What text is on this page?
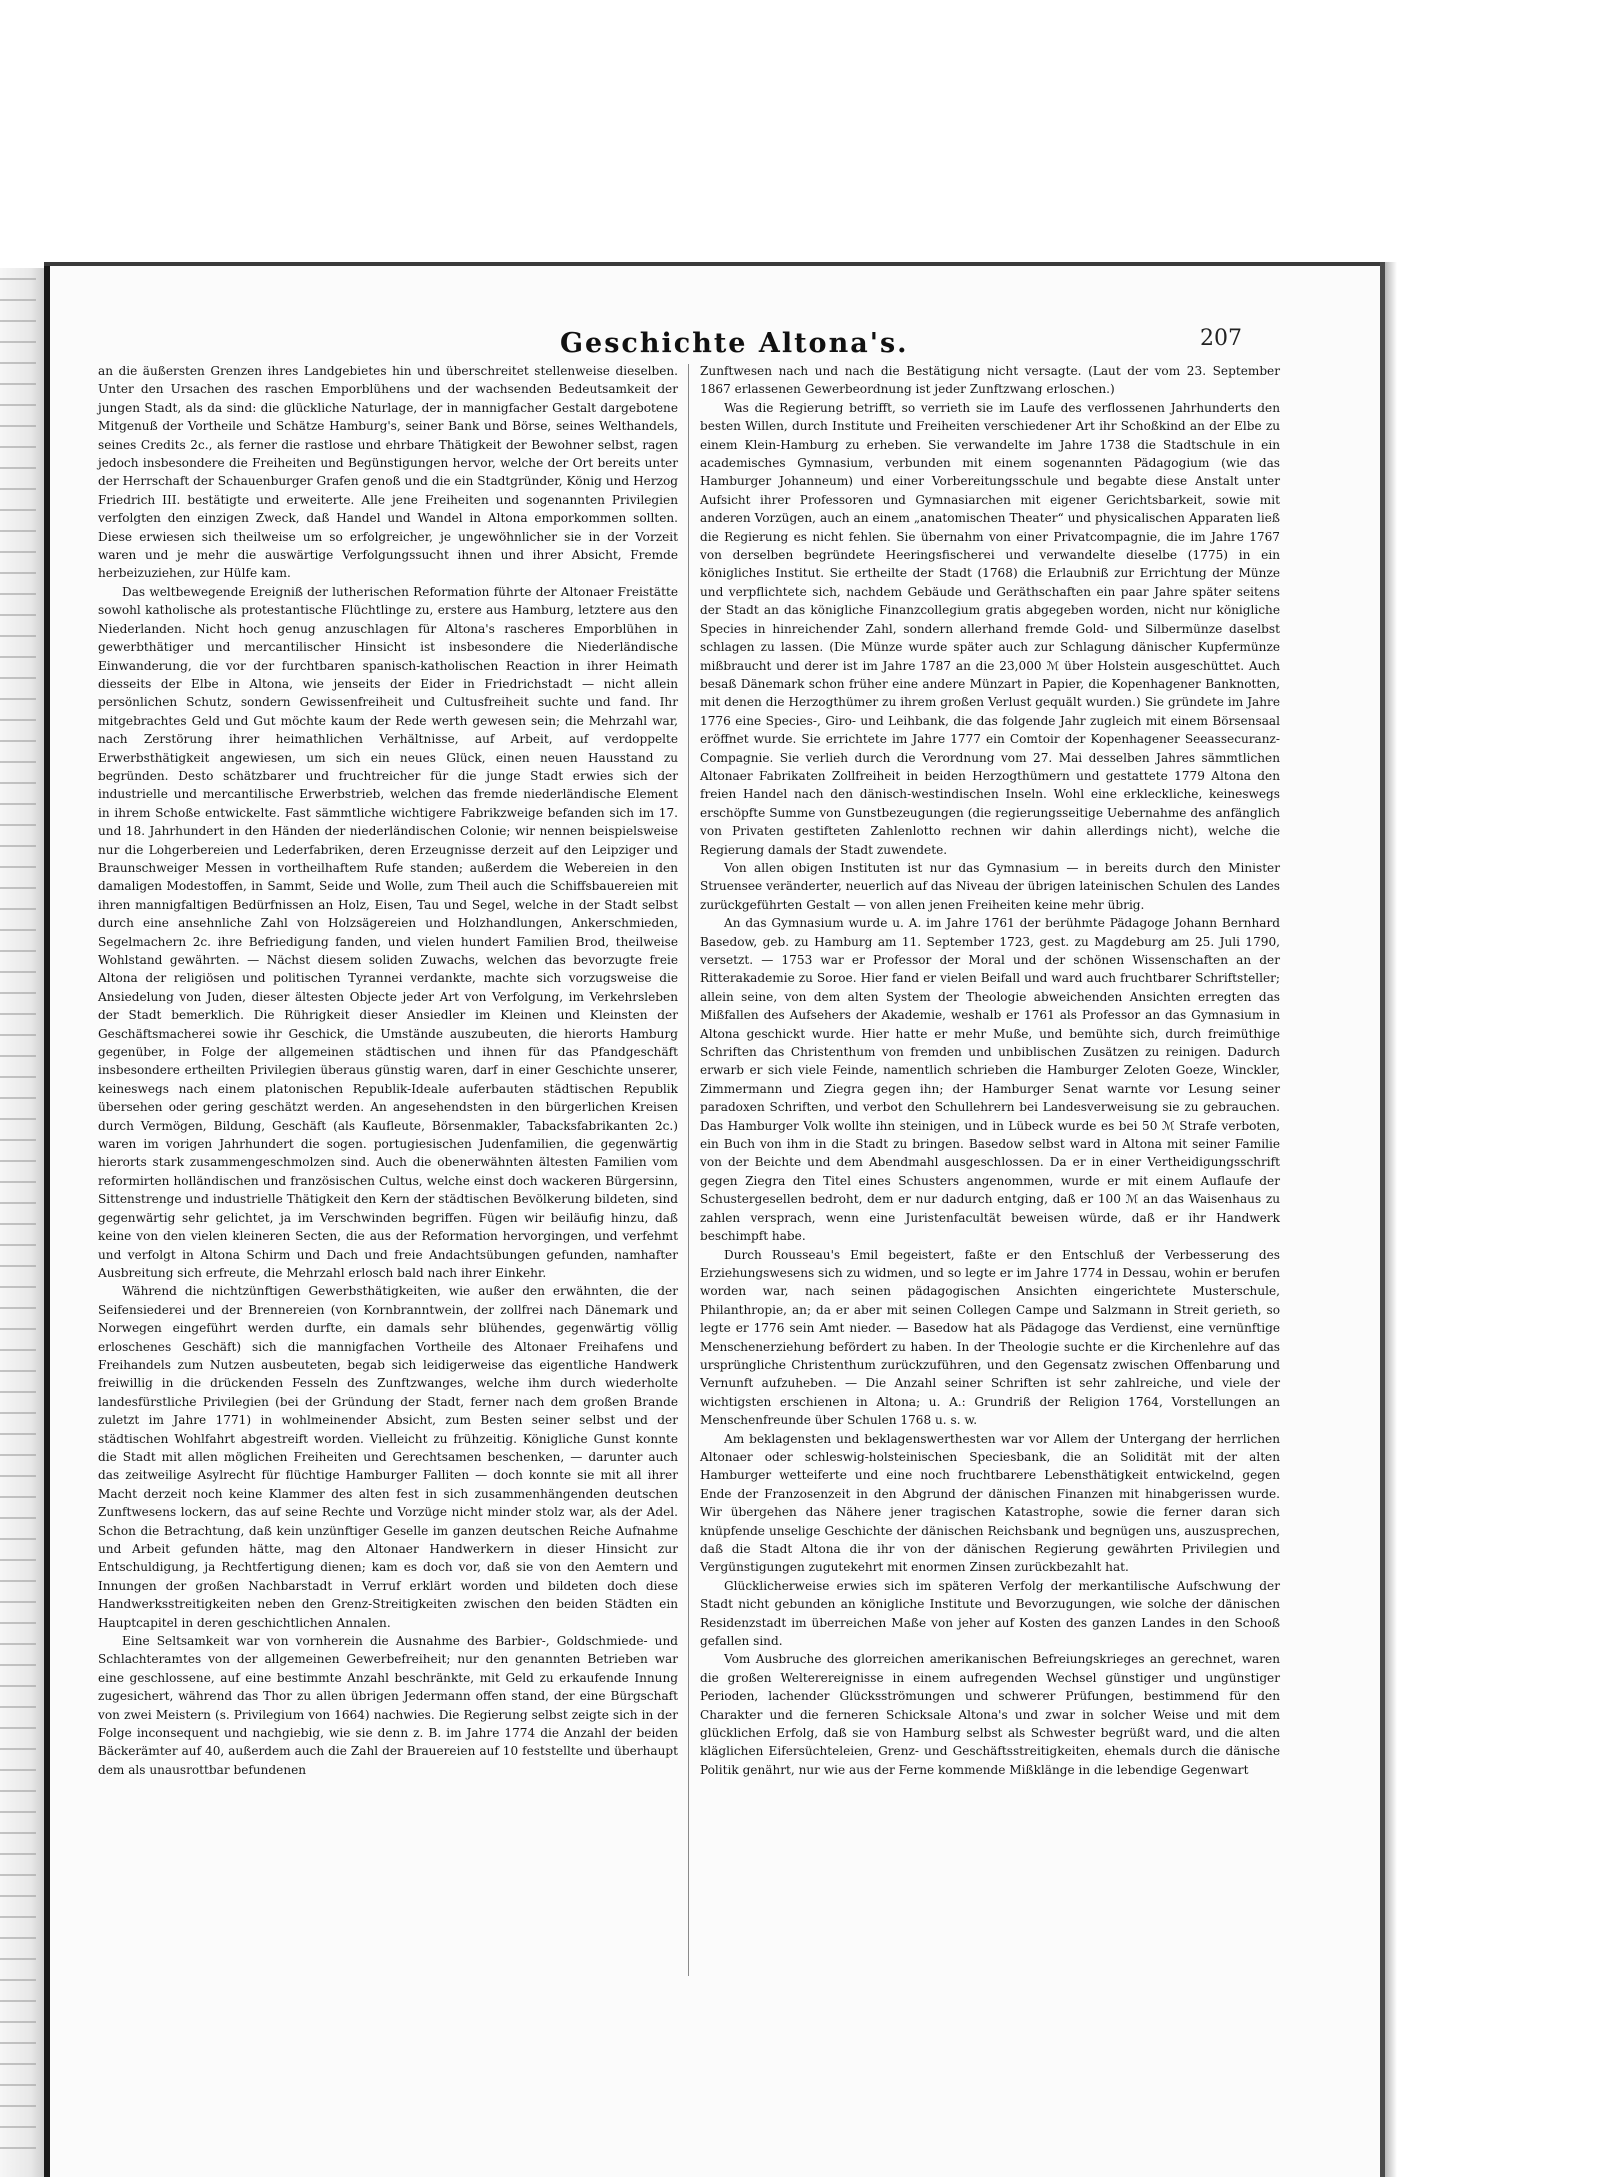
Geschichte Altona's.	207

an die äußersten Grenzen ihres Landgebietes hin und überschreitet stellenweise dieselben. Unter den Ursachen des raschen Emporblühens und der wachsenden Bedeutsamkeit der jungen Stadt, als da sind: die glückliche Naturlage, der in mannigfacher Gestalt dargebotene Mitgenuß der Vortheile und Schätze Hamburg's, seiner Bank und Börse, seines Welthandels, seines Credits 2c., als ferner die rastlose und ehrbare Thätigkeit der Bewohner selbst, ragen jedoch insbesondere die Freiheiten und Begünstigungen hervor, welche der Ort bereits unter der Herrschaft der Schauenburger Grafen genoß und die ein Stadtgründer, König und Herzog Friedrich III. bestätigte und erweiterte. Alle jene Freiheiten und sogenannten Privilegien verfolgten den einzigen Zweck, daß Handel und Wandel in Altona emporkommen sollten. Diese erwiesen sich theilweise um so erfolgreicher, je ungewöhnlicher sie in der Vorzeit waren und je mehr die auswärtige Verfolgungssucht ihnen und ihrer Absicht, Fremde herbeizuziehen, zur Hülfe kam.

Das weltbewegende Ereigniß der lutherischen Reformation führte der Altonaer Freistätte sowohl katholische als protestantische Flüchtlinge zu, erstere aus Hamburg, letztere aus den Niederlanden. Nicht hoch genug anzuschlagen für Altona's rascheres Emporblühen in gewerbthätiger und mercantilischer Hinsicht ist insbesondere die Niederländische Einwanderung, die vor der furchtbaren spanisch-katholischen Reaction in ihrer Heimath diesseits der Elbe in Altona, wie jenseits der Eider in Friedrichstadt — nicht allein persönlichen Schutz, sondern Gewissenfreiheit und Cultusfreiheit suchte und fand. Ihr mitgebrachtes Geld und Gut möchte kaum der Rede werth gewesen sein; die Mehrzahl war, nach Zerstörung ihrer heimathlichen Verhältnisse, auf Arbeit, auf verdoppelte Erwerbsthätigkeit angewiesen, um sich ein neues Glück, einen neuen Hausstand zu begründen. Desto schätzbarer und fruchtreicher für die junge Stadt erwies sich der industrielle und mercantilische Erwerbstrieb, welchen das fremde niederländische Element in ihrem Schoße entwickelte. Fast sämmtliche wichtigere Fabrikzweige befanden sich im 17. und 18. Jahrhundert in den Händen der niederländischen Colonie; wir nennen beispielsweise nur die Lohgerbereien und Lederfabriken, deren Erzeugnisse derzeit auf den Leipziger und Braunschweiger Messen in vortheilhaftem Rufe standen; außerdem die Webereien in den damaligen Modestoffen, in Sammt, Seide und Wolle, zum Theil auch die Schiffsbauereien mit ihren mannigfaltigen Bedürfnissen an Holz, Eisen, Tau und Segel, welche in der Stadt selbst durch eine ansehnliche Zahl von Holzsägereien und Holzhandlungen, Ankerschmieden, Segelmachern 2c. ihre Befriedigung fanden, und vielen hundert Familien Brod, theilweise Wohlstand gewährten. — Nächst diesem soliden Zuwachs, welchen das bevorzugte freie Altona der religiösen und politischen Tyrannei verdankte, machte sich vorzugsweise die Ansiedelung von Juden, dieser ältesten Objecte jeder Art von Verfolgung, im Verkehrsleben der Stadt bemerklich. Die Rührigkeit dieser Ansiedler im Kleinen und Kleinsten der Geschäftsmacherei sowie ihr Geschick, die Umstände auszubeuten, die hierorts Hamburg gegenüber, in Folge der allgemeinen städtischen und ihnen für das Pfandgeschäft insbesondere ertheilten Privilegien überaus günstig waren, darf in einer Geschichte unserer, keineswegs nach einem platonischen Republik-Ideale auferbauten städtischen Republik übersehen oder gering geschätzt werden. An angesehendsten in den bürgerlichen Kreisen durch Vermögen, Bildung, Geschäft (als Kaufleute, Börsenmakler, Tabacksfabrikanten 2c.) waren im vorigen Jahrhundert die sogen. portugiesischen Judenfamilien, die gegenwärtig hierorts stark zusammengeschmolzen sind. Auch die obenerwähnten ältesten Familien vom reformirten holländischen und französischen Cultus, welche einst doch wackeren Bürgersinn, Sittenstrenge und industrielle Thätigkeit den Kern der städtischen Bevölkerung bildeten, sind gegenwärtig sehr gelichtet, ja im Verschwinden begriffen. Fügen wir beiläufig hinzu, daß keine von den vielen kleineren Secten, die aus der Reformation hervorgingen, und verfehmt und verfolgt in Altona Schirm und Dach und freie Andachtsübungen gefunden, namhafter Ausbreitung sich erfreute, die Mehrzahl erlosch bald nach ihrer Einkehr.

Während die nichtzünftigen Gewerbsthätigkeiten, wie außer den erwähnten, die der Seifensiederei und der Brennereien (von Kornbranntwein, der zollfrei nach Dänemark und Norwegen eingeführt werden durfte, ein damals sehr blühendes, gegenwärtig völlig erloschenes Geschäft) sich die mannigfachen Vortheile des Altonaer Freihafens und Freihandels zum Nutzen ausbeuteten, begab sich leidigerweise das eigentliche Handwerk freiwillig in die drückenden Fesseln des Zunftzwanges, welche ihm durch wiederholte landesfürstliche Privilegien (bei der Gründung der Stadt, ferner nach dem großen Brande zuletzt im Jahre 1771) in wohlmeinender Absicht, zum Besten seiner selbst und der städtischen Wohlfahrt abgestreift worden. Vielleicht zu frühzeitig. Königliche Gunst konnte die Stadt mit allen möglichen Freiheiten und Gerechtsamen beschenken, — darunter auch das zeitweilige Asylrecht für flüchtige Hamburger Falliten — doch konnte sie mit all ihrer Macht derzeit noch keine Klammer des alten fest in sich zusammenhängenden deutschen Zunftwesens lockern, das auf seine Rechte und Vorzüge nicht minder stolz war, als der Adel. Schon die Betrachtung, daß kein unzünftiger Geselle im ganzen deutschen Reiche Aufnahme und Arbeit gefunden hätte, mag den Altonaer Handwerkern in dieser Hinsicht zur Entschuldigung, ja Rechtfertigung dienen; kam es doch vor, daß sie von den Aemtern und Innungen der großen Nachbarstadt in Verruf erklärt worden und bildeten doch diese Handwerksstreitigkeiten neben den Grenz-Streitigkeiten zwischen den beiden Städten ein Hauptcapitel in deren geschichtlichen Annalen.

Eine Seltsamkeit war von vornherein die Ausnahme des Barbier-, Goldschmiede- und Schlachteramtes von der allgemeinen Gewerbefreiheit; nur den genannten Betrieben war eine geschlossene, auf eine bestimmte Anzahl beschränkte, mit Geld zu erkaufende Innung zugesichert, während das Thor zu allen übrigen Jedermann offen stand, der eine Bürgschaft von zwei Meistern (s. Privilegium von 1664) nachwies. Die Regierung selbst zeigte sich in der Folge inconsequent und nachgiebig, wie sie denn z. B. im Jahre 1774 die Anzahl der beiden Bäckerämter auf 40, außerdem auch die Zahl der Brauereien auf 10 feststellte und überhaupt dem als unausrottbar befundenen

Zunftwesen nach und nach die Bestätigung nicht versagte. (Laut der vom 23. September 1867 erlassenen Gewerbeordnung ist jeder Zunftzwang erloschen.)

Was die Regierung betrifft, so verrieth sie im Laufe des verflossenen Jahrhunderts den besten Willen, durch Institute und Freiheiten verschiedener Art ihr Schoßkind an der Elbe zu einem Klein-Hamburg zu erheben. Sie verwandelte im Jahre 1738 die Stadtschule in ein academisches Gymnasium, verbunden mit einem sogenannten Pädagogium (wie das Hamburger Johanneum) und einer Vorbereitungsschule und begabte diese Anstalt unter Aufsicht ihrer Professoren und Gymnasiarchen mit eigener Gerichtsbarkeit, sowie mit anderen Vorzügen, auch an einem „anatomischen Theater“ und physicalischen Apparaten ließ die Regierung es nicht fehlen. Sie übernahm von einer Privatcompagnie, die im Jahre 1767 von derselben begründete Heeringsfischerei und verwandelte dieselbe (1775) in ein königliches Institut. Sie ertheilte der Stadt (1768) die Erlaubniß zur Errichtung der Münze und verpflichtete sich, nachdem Gebäude und Geräthschaften ein paar Jahre später seitens der Stadt an das königliche Finanzcollegium gratis abgegeben worden, nicht nur königliche Species in hinreichender Zahl, sondern allerhand fremde Gold- und Silbermünze daselbst schlagen zu lassen. (Die Münze wurde später auch zur Schlagung dänischer Kupfermünze mißbraucht und derer ist im Jahre 1787 an die 23,000 ℳ über Holstein ausgeschüttet. Auch besaß Dänemark schon früher eine andere Münzart in Papier, die Kopenhagener Banknotten, mit denen die Herzogthümer zu ihrem großen Verlust gequält wurden.) Sie gründete im Jahre 1776 eine Species-, Giro- und Leihbank, die das folgende Jahr zugleich mit einem Börsensaal eröffnet wurde. Sie errichtete im Jahre 1777 ein Comtoir der Kopenhagener Seeassecuranz-Compagnie. Sie verlieh durch die Verordnung vom 27. Mai desselben Jahres sämmtlichen Altonaer Fabrikaten Zollfreiheit in beiden Herzogthümern und gestattete 1779 Altona den freien Handel nach den dänisch-westindischen Inseln. Wohl eine erkleckliche, keineswegs erschöpfte Summe von Gunstbezeugungen (die regierungsseitige Uebernahme des anfänglich von Privaten gestifteten Zahlenlotto rechnen wir dahin allerdings nicht), welche die Regierung damals der Stadt zuwendete.

Von allen obigen Instituten ist nur das Gymnasium — in bereits durch den Minister Struensee veränderter, neuerlich auf das Niveau der übrigen lateinischen Schulen des Landes zurückgeführten Gestalt — von allen jenen Freiheiten keine mehr übrig.

An das Gymnasium wurde u. A. im Jahre 1761 der berühmte Pädagoge Johann Bernhard Basedow, geb. zu Hamburg am 11. September 1723, gest. zu Magdeburg am 25. Juli 1790, versetzt. — 1753 war er Professor der Moral und der schönen Wissenschaften an der Ritterakademie zu Soroe. Hier fand er vielen Beifall und ward auch fruchtbarer Schriftsteller; allein seine, von dem alten System der Theologie abweichenden Ansichten erregten das Mißfallen des Aufsehers der Akademie, weshalb er 1761 als Professor an das Gymnasium in Altona geschickt wurde. Hier hatte er mehr Muße, und bemühte sich, durch freimüthige Schriften das Christenthum von fremden und unbiblischen Zusätzen zu reinigen. Dadurch erwarb er sich viele Feinde, namentlich schrieben die Hamburger Zeloten Goeze, Winckler, Zimmermann und Ziegra gegen ihn; der Hamburger Senat warnte vor Lesung seiner paradoxen Schriften, und verbot den Schullehrern bei Landesverweisung sie zu gebrauchen. Das Hamburger Volk wollte ihn steinigen, und in Lübeck wurde es bei 50 ℳ Strafe verboten, ein Buch von ihm in die Stadt zu bringen. Basedow selbst ward in Altona mit seiner Familie von der Beichte und dem Abendmahl ausgeschlossen. Da er in einer Vertheidigungsschrift gegen Ziegra den Titel eines Schusters angenommen, wurde er mit einem Auflaufe der Schustergesellen bedroht, dem er nur dadurch entging, daß er 100 ℳ an das Waisenhaus zu zahlen versprach, wenn eine Juristenfacultät beweisen würde, daß er ihr Handwerk beschimpft habe.

Durch Rousseau's Emil begeistert, faßte er den Entschluß der Verbesserung des Erziehungswesens sich zu widmen, und so legte er im Jahre 1774 in Dessau, wohin er berufen worden war, nach seinen pädagogischen Ansichten eingerichtete Musterschule, Philanthropie, an; da er aber mit seinen Collegen Campe und Salzmann in Streit gerieth, so legte er 1776 sein Amt nieder. — Basedow hat als Pädagoge das Verdienst, eine vernünftige Menschenerziehung befördert zu haben. In der Theologie suchte er die Kirchenlehre auf das ursprüngliche Christenthum zurückzuführen, und den Gegensatz zwischen Offenbarung und Vernunft aufzuheben. — Die Anzahl seiner Schriften ist sehr zahlreiche, und viele der wichtigsten erschienen in Altona; u. A.: Grundriß der Religion 1764, Vorstellungen an Menschenfreunde über Schulen 1768 u. s. w.

Am beklagensten und beklagenswerthesten war vor Allem der Untergang der herrlichen Altonaer oder schleswig-holsteinischen Speciesbank, die an Solidität mit der alten Hamburger wetteiferte und eine noch fruchtbarere Lebensthätigkeit entwickelnd, gegen Ende der Franzosenzeit in den Abgrund der dänischen Finanzen mit hinabgerissen wurde. Wir übergehen das Nähere jener tragischen Katastrophe, sowie die ferner daran sich knüpfende unselige Geschichte der dänischen Reichsbank und begnügen uns, auszusprechen, daß die Stadt Altona die ihr von der dänischen Regierung gewährten Privilegien und Vergünstigungen zugutekehrt mit enormen Zinsen zurückbezahlt hat.

Glücklicherweise erwies sich im späteren Verfolg der merkantilische Aufschwung der Stadt nicht gebunden an königliche Institute und Bevorzugungen, wie solche der dänischen Residenzstadt im überreichen Maße von jeher auf Kosten des ganzen Landes in den Schooß gefallen sind.

Vom Ausbruche des glorreichen amerikanischen Befreiungskrieges an gerechnet, waren die großen Welterereignisse in einem aufregenden Wechsel günstiger und ungünstiger Perioden, lachender Glücksströmungen und schwerer Prüfungen, bestimmend für den Charakter und die ferneren Schicksale Altona's und zwar in solcher Weise und mit dem glücklichen Erfolg, daß sie von Hamburg selbst als Schwester begrüßt ward, und die alten kläglichen Eifersüchteleien, Grenz- und Geschäftsstreitigkeiten, ehemals durch die dänische Politik genährt, nur wie aus der Ferne kommende Mißklänge in die lebendige Gegenwart
